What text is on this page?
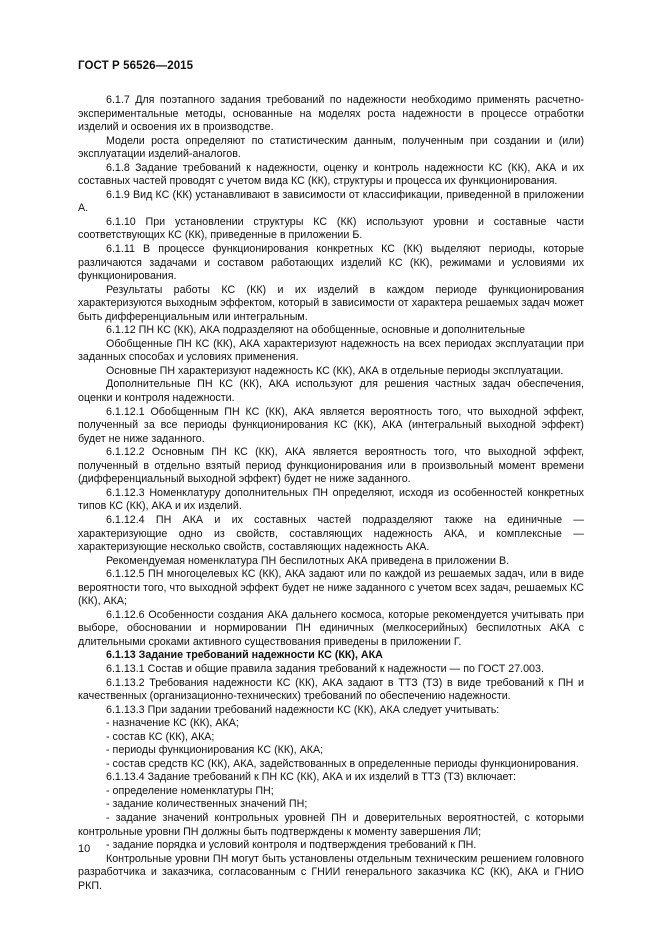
ГОСТ Р 56526—2015

6.1.7 Для поэтапного задания требований по надежности необходимо применять расчетно-экспериментальные методы, основанные на моделях роста надежности в процессе отработки изделий и освоения их в производстве.

Модели роста определяют по статистическим данным, полученным при создании и (или) эксплуатации изделий-аналогов.

6.1.8 Задание требований к надежности, оценку и контроль надежности КС (КК), АКА и их составных частей проводят с учетом вида КС (КК), структуры и процесса их функционирования.

6.1.9 Вид КС (КК) устанавливают в зависимости от классификации, приведенной в приложении А.

6.1.10 При установлении структуры КС (КК) используют уровни и составные части соответствующих КС (КК), приведенные в приложении Б.

6.1.11 В процессе функционирования конкретных КС (КК) выделяют периоды, которые различаются задачами и составом работающих изделий КС (КК), режимами и условиями их функционирования.

Результаты работы КС (КК) и их изделий в каждом периоде функционирования характеризуются выходным эффектом, который в зависимости от характера решаемых задач может быть дифференциальным или интегральным.

6.1.12 ПН КС (КК), АКА подразделяют на обобщенные, основные и дополнительные

Обобщенные ПН КС (КК), АКА характеризуют надежность на всех периодах эксплуатации при заданных способах и условиях применения.

Основные ПН характеризуют надежность КС (КК), АКА в отдельные периоды эксплуатации.

Дополнительные ПН КС (КК), АКА используют для решения частных задач обеспечения, оценки и контроля надежности.

6.1.12.1 Обобщенным ПН КС (КК), АКА является вероятность того, что выходной эффект, полученный за все периоды функционирования КС (КК), АКА (интегральный выходной эффект) будет не ниже заданного.

6.1.12.2 Основным ПН КС (КК), АКА является вероятность того, что выходной эффект, полученный в отдельно взятый период функционирования или в произвольный момент времени (дифференциальный выходной эффект) будет не ниже заданного.

6.1.12.3 Номенклатуру дополнительных ПН определяют, исходя из особенностей конкретных типов КС (КК), АКА и их изделий.

6.1.12.4 ПН АКА и их составных частей подразделяют также на единичные — характеризующие одно из свойств, составляющих надежность АКА, и комплексные — характеризующие несколько свойств, составляющих надежность АКА.

Рекомендуемая номенклатура ПН беспилотных АКА приведена в приложении В.

6.1.12.5 ПН многоцелевых КС (КК), АКА задают или по каждой из решаемых задач, или в виде вероятности того, что выходной эффект будет не ниже заданного с учетом всех задач, решаемых КС (КК), АКА;

6.1.12.6 Особенности создания АКА дальнего космоса, которые рекомендуется учитывать при выборе, обосновании и нормировании ПН единичных (мелкосерийных) беспилотных АКА с длительными сроками активного существования приведены в приложении Г.

6.1.13 Задание требований надежности КС (КК), АКА

6.1.13.1 Состав и общие правила задания требований к надежности — по ГОСТ 27.003.

6.1.13.2 Требования надежности КС (КК), АКА задают в ТТЗ (ТЗ) в виде требований к ПН и качественных (организационно-технических) требований по обеспечению надежности.

6.1.13.3 При задании требований надежности КС (КК), АКА следует учитывать:

- назначение КС (КК), АКА;

- состав КС (КК), АКА;

- периоды функционирования КС (КК), АКА;

- состав средств КС (КК), АКА, задействованных в определенные периоды функционирования.

6.1.13.4 Задание требований к ПН КС (КК), АКА и их изделий в ТТЗ (ТЗ) включает:

- определение номенклатуры ПН;

- задание количественных значений ПН;

- задание значений контрольных уровней ПН и доверительных вероятностей, с которыми контрольные уровни ПН должны быть подтверждены к моменту завершения ЛИ;

- задание порядка и условий контроля и подтверждения требований к ПН.

Контрольные уровни ПН могут быть установлены отдельным техническим решением головного разработчика и заказчика, согласованным с ГНИИ генерального заказчика КС (КК), АКА и ГНИО РКП.

10
